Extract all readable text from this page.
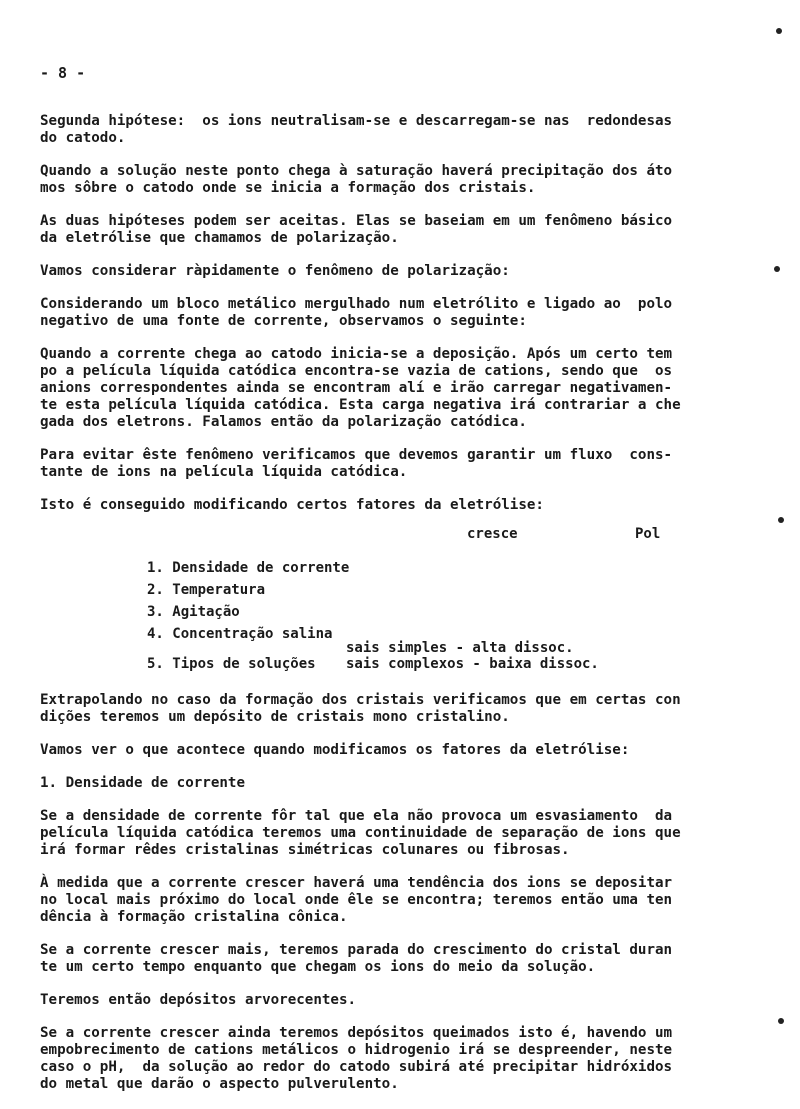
- 8 -
Segunda hipótese:  os ions neutralisam-se e descarregam-se nas  redondesas
do catodo.
Quando a solução neste ponto chega à saturação haverá precipitação dos áto
mos sôbre o catodo onde se inicia a formação dos cristais.
As duas hipóteses podem ser aceitas. Elas se baseiam em um fenômeno básico
da eletrólise que chamamos de polarização.
Vamos considerar ràpidamente o fenômeno de polarização:
Considerando um bloco metálico mergulhado num eletrólito e ligado ao  polo
negativo de uma fonte de corrente, observamos o seguinte:
Quando a corrente chega ao catodo inicia-se a deposição. Após um certo tem
po a película líquida catódica encontra-se vazia de cations, sendo que  os
anions correspondentes ainda se encontram alí e irão carregar negativamen-
te esta película líquida catódica. Esta carga negativa irá contrariar a che
gada dos eletrons. Falamos então da polarização catódica.
Para evitar êste fenômeno verificamos que devemos garantir um fluxo  cons-
tante de ions na película líquida catódica.
Isto é conseguido modificando certos fatores da eletrólise:
cresce	Pol
1. Densidade de corrente
2. Temperatura
3. Agitação
4. Concentração salina
sais simples - alta dissoc.
5. Tipos de soluções sais complexos - baixa dissoc.
Extrapolando no caso da formação dos cristais verificamos que em certas con
dições teremos um depósito de cristais mono cristalino.
Vamos ver o que acontece quando modificamos os fatores da eletrólise:
1. Densidade de corrente
Se a densidade de corrente fôr tal que ela não provoca um esvasiamento  da
película líquida catódica teremos uma continuidade de separação de ions que
irá formar rêdes cristalinas simétricas colunares ou fibrosas.
À medida que a corrente crescer haverá uma tendência dos ions se depositar
no local mais próximo do local onde êle se encontra; teremos então uma ten
dência à formação cristalina cônica.
Se a corrente crescer mais, teremos parada do crescimento do cristal duran
te um certo tempo enquanto que chegam os ions do meio da solução.
Teremos então depósitos arvorecentes.
Se a corrente crescer ainda teremos depósitos queimados isto é, havendo um
empobrecimento de cations metálicos o hidrogenio irá se despreender, neste
caso o pH,  da solução ao redor do catodo subirá até precipitar hidróxidos
do metal que darão o aspecto pulverulento.
